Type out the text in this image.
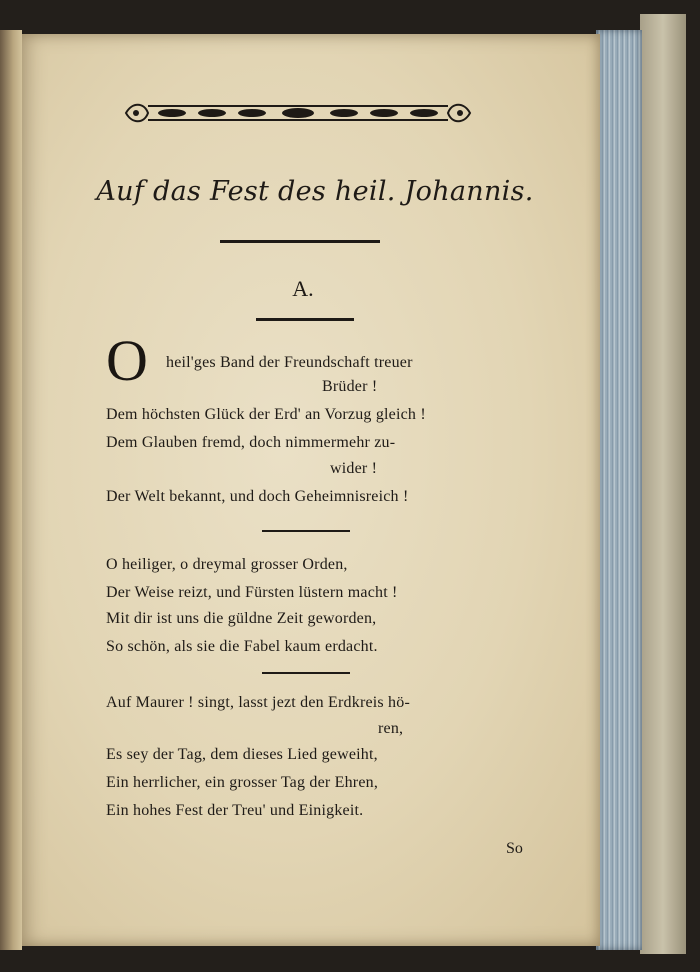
Auf das Fest des heil. Johannis.
A.
O heil'ges Band der Freundschaft treuer
Brüder !
Dem höchsten Glück der Erd' an Vorzug gleich !
Dem Glauben fremd, doch nimmermehr zu-
wider !
Der Welt bekannt, und doch Geheimnisreich !
O heiliger, o dreymal grosser Orden,
Der Weise reizt, und Fürsten lüstern macht !
Mit dir ist uns die güldne Zeit geworden,
So schön, als sie die Fabel kaum erdacht.
Auf Maurer ! singt, lasst jezt den Erdkreis hö-
ren,
Es sey der Tag, dem dieses Lied geweiht,
Ein herrlicher, ein grosser Tag der Ehren,
Ein hohes Fest der Treu' und Einigkeit.
So
